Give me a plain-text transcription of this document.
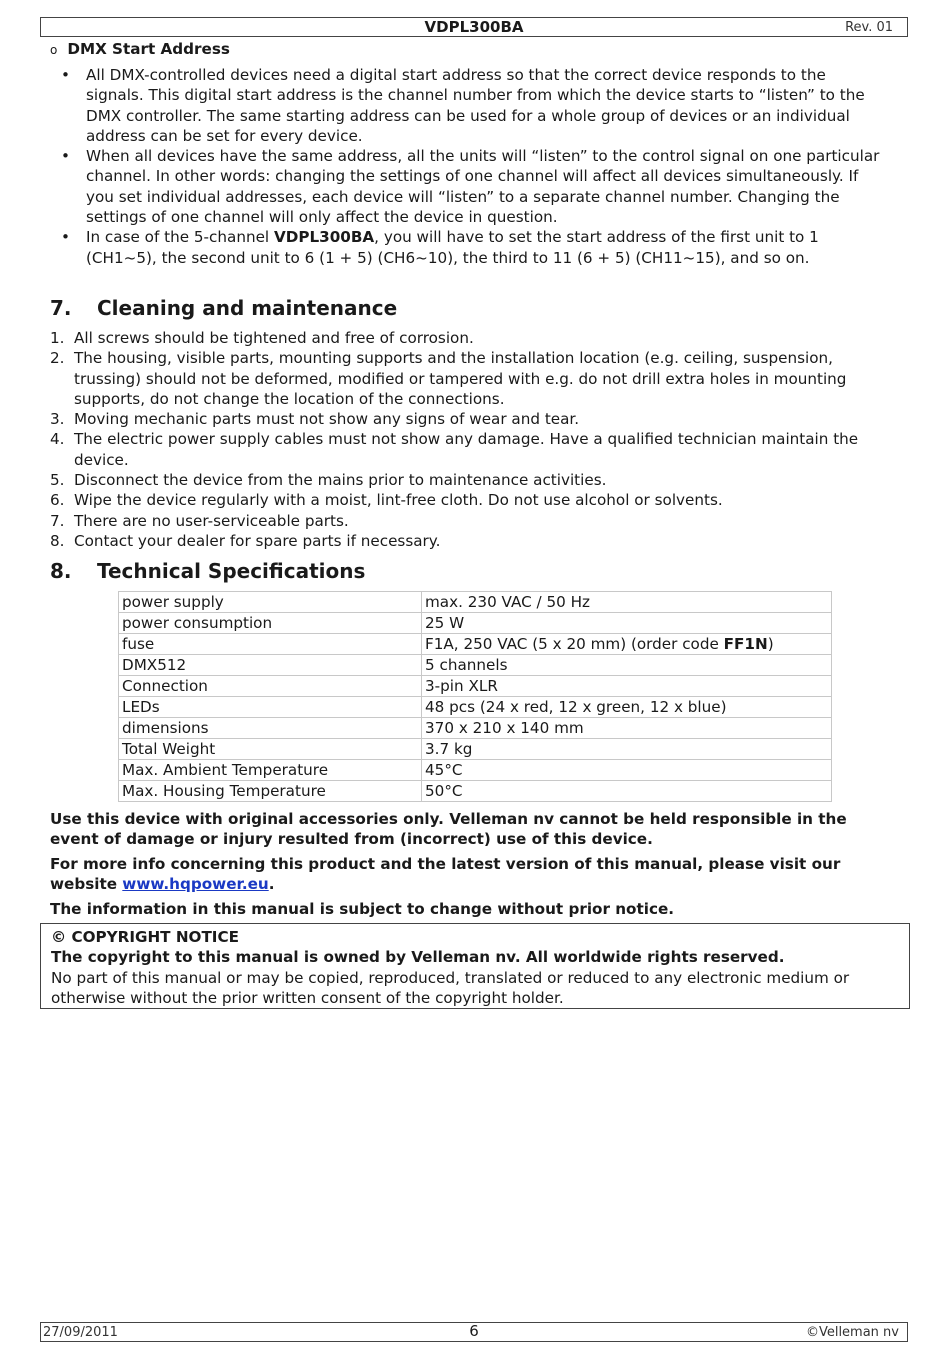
VDPL300BA	Rev. 01
o DMX Start Address
• All DMX-controlled devices need a digital start address so that the correct device responds to the signals. This digital start address is the channel number from which the device starts to “listen” to the DMX controller. The same starting address can be used for a whole group of devices or an individual address can be set for every device.
• When all devices have the same address, all the units will “listen” to the control signal on one particular channel. In other words: changing the settings of one channel will affect all devices simultaneously. If you set individual addresses, each device will “listen” to a separate channel number. Changing the settings of one channel will only affect the device in question.
• In case of the 5-channel VDPL300BA, you will have to set the start address of the first unit to 1 (CH1~5), the second unit to 6 (1 + 5) (CH6~10), the third to 11 (6 + 5) (CH11~15), and so on.
7. Cleaning and maintenance
1. All screws should be tightened and free of corrosion.
2. The housing, visible parts, mounting supports and the installation location (e.g. ceiling, suspension, trussing) should not be deformed, modified or tampered with e.g. do not drill extra holes in mounting supports, do not change the location of the connections.
3. Moving mechanic parts must not show any signs of wear and tear.
4. The electric power supply cables must not show any damage. Have a qualified technician maintain the device.
5. Disconnect the device from the mains prior to maintenance activities.
6. Wipe the device regularly with a moist, lint-free cloth. Do not use alcohol or solvents.
7. There are no user-serviceable parts.
8. Contact your dealer for spare parts if necessary.
8. Technical Specifications
power supply	max. 230 VAC / 50 Hz
power consumption	25 W
fuse	F1A, 250 VAC (5 x 20 mm) (order code FF1N)
DMX512	5 channels
Connection	3-pin XLR
LEDs	48 pcs (24 x red, 12 x green, 12 x blue)
dimensions	370 x 210 x 140 mm
Total Weight	3.7 kg
Max. Ambient Temperature	45°C
Max. Housing Temperature	50°C
Use this device with original accessories only. Velleman nv cannot be held responsible in the event of damage or injury resulted from (incorrect) use of this device.
For more info concerning this product and the latest version of this manual, please visit our website www.hqpower.eu.
The information in this manual is subject to change without prior notice.
© COPYRIGHT NOTICE
The copyright to this manual is owned by Velleman nv. All worldwide rights reserved.
No part of this manual or may be copied, reproduced, translated or reduced to any electronic medium or otherwise without the prior written consent of the copyright holder.
27/09/2011	6	©Velleman nv
